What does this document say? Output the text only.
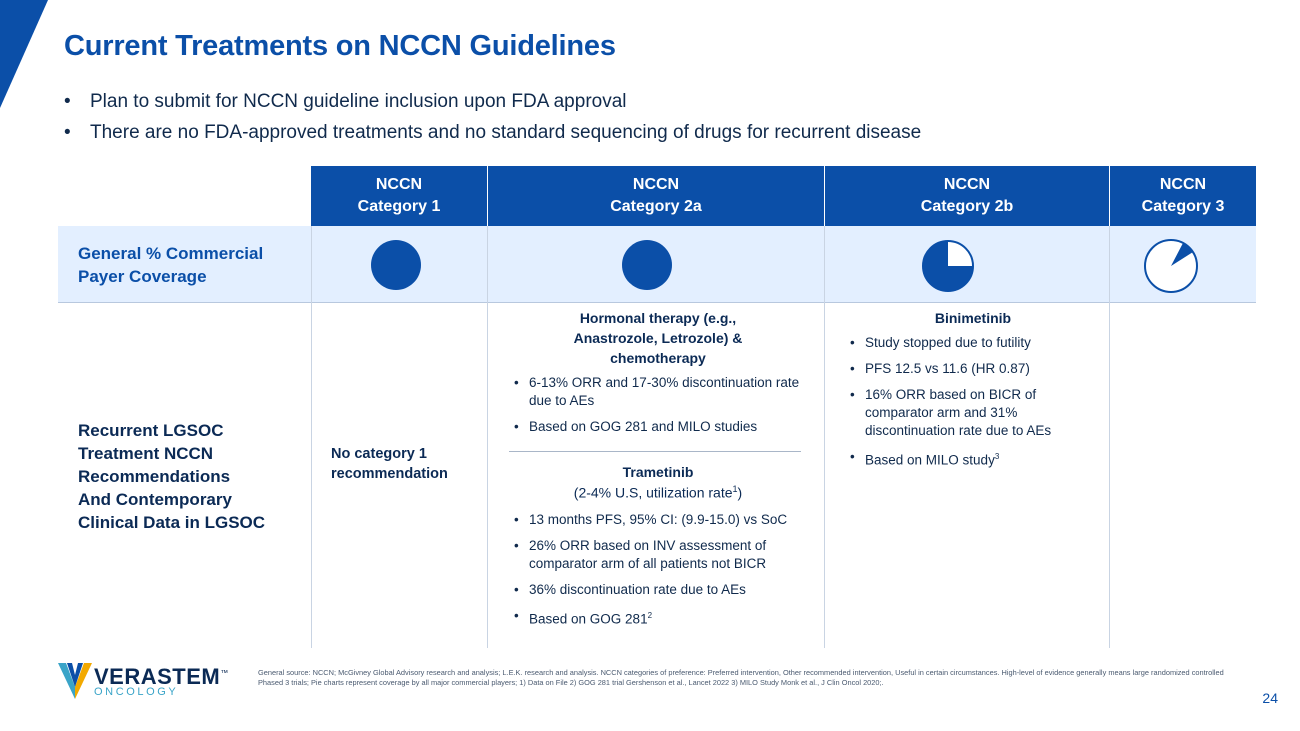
Current Treatments on NCCN Guidelines
• Plan to submit for NCCN guideline inclusion upon FDA approval
• There are no FDA-approved treatments and no standard sequencing of drugs for recurrent disease
NCCN
Category 1
NCCN
Category 2a
NCCN
Category 2b
NCCN
Category 3
General % Commercial
Payer Coverage
Recurrent LGSOC
Treatment NCCN
Recommendations
And Contemporary
Clinical Data in LGSOC
No category 1
recommendation
Hormonal therapy (e.g.,
Anastrozole, Letrozole) &
chemotherapy
• 6-13% ORR and 17-30% discontinuation rate due to AEs
• Based on GOG 281 and MILO studies
Trametinib
(2-4% U.S, utilization rate$^1$)
• 13 months PFS, 95% CI: (9.9-15.0) vs SoC
• 26% ORR based on INV assessment of comparator arm of all patients not BICR
• 36% discontinuation rate due to AEs
• Based on GOG $281^2$
Binimetinib
• Study stopped due to futility
• PFS 12.5 vs 11.6 (HR 0.87)
• 16% ORR based on BICR of comparator arm and 31% discontinuation rate due to AEs
• Based on MILO study$^3$
VERASTEM™
ONCOLOGY
General source: NCCN; McGivney Global Advisory research and analysis; L.E.K. research and analysis. NCCN categories of preference: Preferred intervention, Other recommended intervention, Useful in certain circumstances. High-level of evidence generally means large randomized controlled Phased 3 trials; Pie charts represent coverage by all major commercial players; 1) Data on File 2) GOG 281 trial Gershenson et al., Lancet 2022 3) MILO Study Monk et al., J Clin Oncol 2020;.
24
